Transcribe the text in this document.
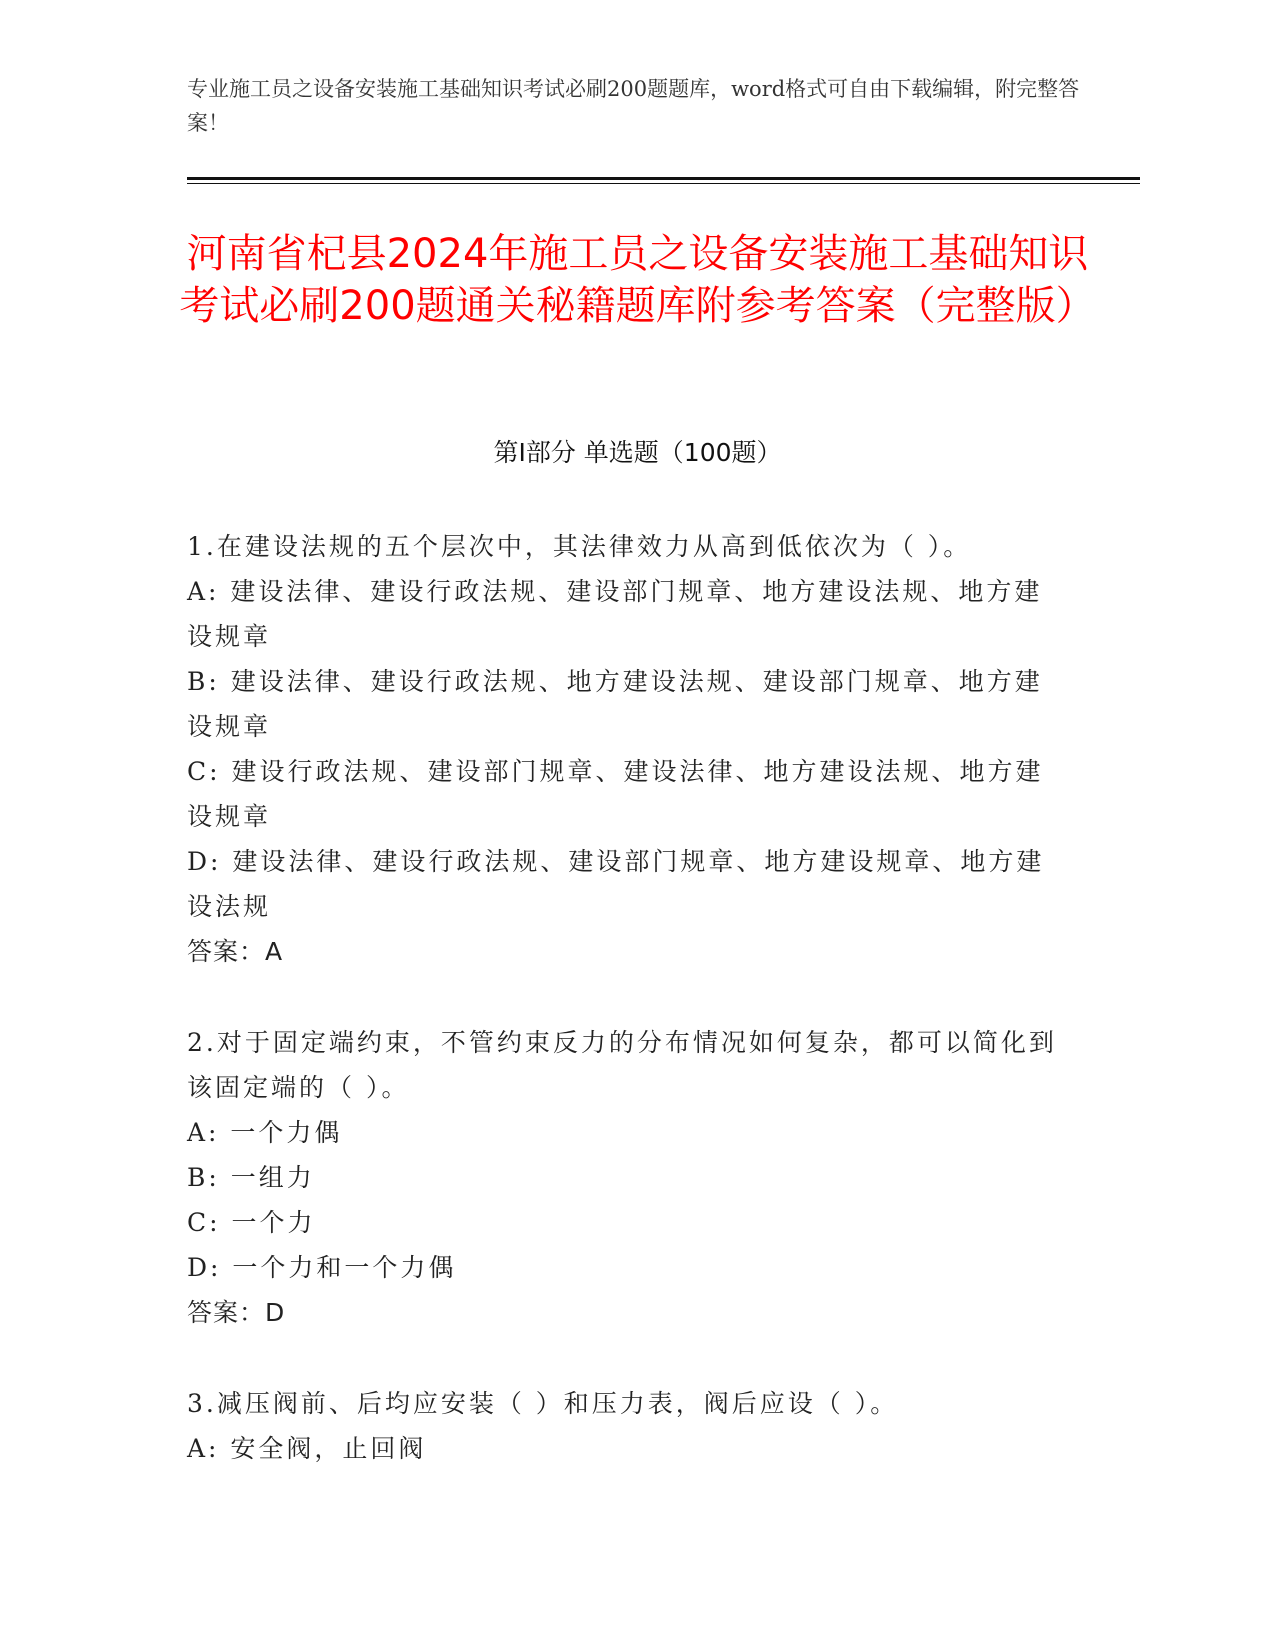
专业施工员之设备安装施工基础知识考试必刷200题题库，word格式可自由下载编辑，附完整答案！
河南省杞县2024年施工员之设备安装施工基础知识考试必刷200题通关秘籍题库附参考答案（完整版）
第Ⅰ部分 单选题（100题）
1.在建设法规的五个层次中，其法律效力从高到低依次为（ ）。
A: 建设法律、建设行政法规、建设部门规章、地方建设法规、地方建设规章
B: 建设法律、建设行政法规、地方建设法规、建设部门规章、地方建设规章
C: 建设行政法规、建设部门规章、建设法律、地方建设法规、地方建设规章
D: 建设法律、建设行政法规、建设部门规章、地方建设规章、地方建设法规
答案：A
2.对于固定端约束，不管约束反力的分布情况如何复杂，都可以简化到该固定端的（ ）。
A: 一个力偶
B: 一组力
C: 一个力
D: 一个力和一个力偶
答案：D
3.减压阀前、后均应安装（ ）和压力表，阀后应设（ ）。
A: 安全阀，止回阀
